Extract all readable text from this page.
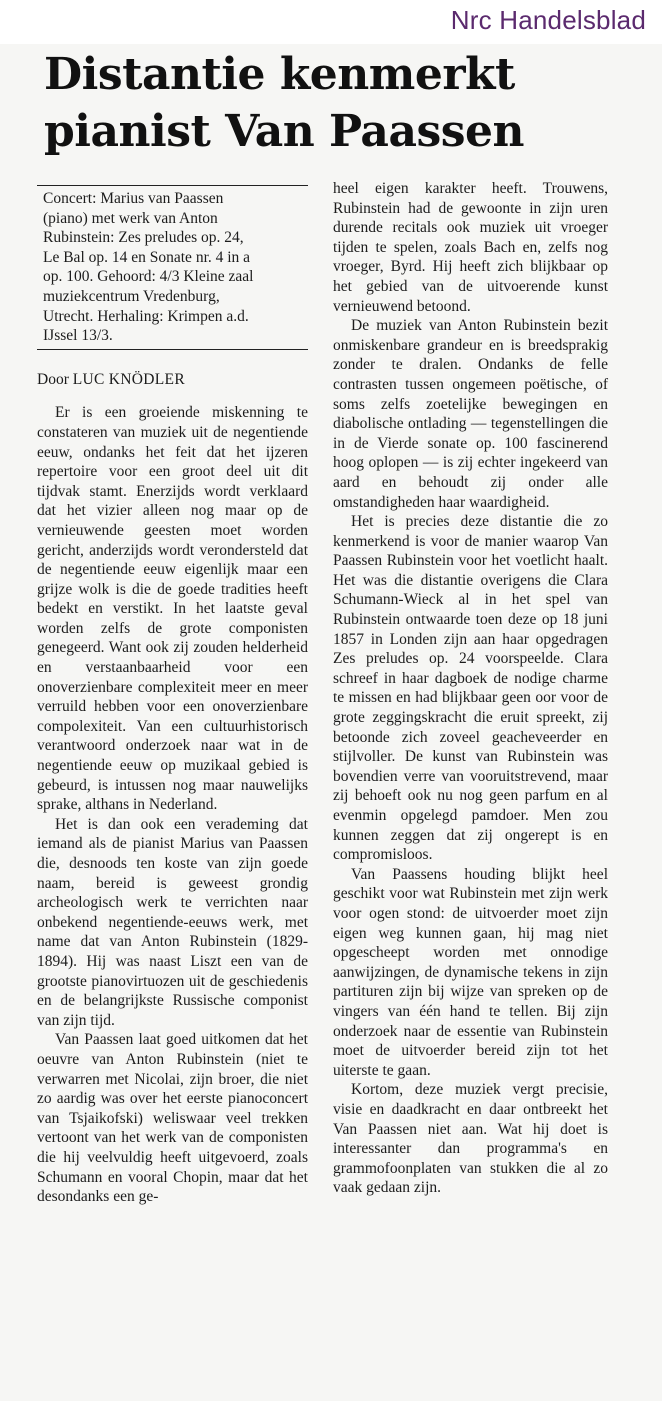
Nrc Handelsblad
Distantie kenmerkt
pianist Van Paassen

Concert: Marius van Paassen

(piano) met werk van Anton

Rubinstein: Zes preludes op. 24,

Le Bal op. 14 en Sonate nr. 4 in a

op. 100. Gehoord: 4/3 Kleine zaal

muziekcentrum Vredenburg,

Utrecht. Herhaling: Krimpen a.d.

IJssel 13/3.

Door LUC KNÖDLER

Er is een groeiende miskenning te constateren van muziek uit de negentiende eeuw, ondanks het feit dat het ijzeren repertoire voor een groot deel uit dit tijdvak stamt. Enerzijds wordt verklaard dat het vizier alleen nog maar op de vernieuwende geesten moet worden gericht, anderzijds wordt verondersteld dat de negentiende eeuw eigenlijk maar een grijze wolk is die de goede tradities heeft bedekt en verstikt. In het laatste geval worden zelfs de grote componisten genegeerd. Want ook zij zouden helderheid en verstaanbaarheid voor een onoverzienbare complexiteit meer en meer verruild hebben voor een onoverzienbare compolexiteit. Van een cultuurhistorisch verantwoord onderzoek naar wat in de negentiende eeuw op muzikaal gebied is gebeurd, is intussen nog maar nauwelijks sprake, althans in Nederland.

Het is dan ook een verademing dat iemand als de pianist Marius van Paassen die, desnoods ten koste van zijn goede naam, bereid is geweest grondig archeologisch werk te verrichten naar onbekend negentiende-eeuws werk, met name dat van Anton Rubinstein (1829-1894). Hij was naast Liszt een van de grootste pianovirtuozen uit de geschiedenis en de belangrijkste Russische componist van zijn tijd.

Van Paassen laat goed uitkomen dat het oeuvre van Anton Rubinstein (niet te verwarren met Nicolai, zijn broer, die niet zo aardig was over het eerste pianoconcert van Tsjaikofski) weliswaar veel trekken vertoont van het werk van de componisten die hij veelvuldig heeft uitgevoerd, zoals Schumann en vooral Chopin, maar dat het desondanks een ge-

heel eigen karakter heeft. Trouwens, Rubinstein had de gewoonte in zijn uren durende recitals ook muziek uit vroeger tijden te spelen, zoals Bach en, zelfs nog vroeger, Byrd. Hij heeft zich blijkbaar op het gebied van de uitvoerende kunst vernieuwend betoond.

De muziek van Anton Rubinstein bezit onmiskenbare grandeur en is breedsprakig zonder te dralen. Ondanks de felle contrasten tussen ongemeen poëtische, of soms zelfs zoetelijke bewegingen en diabolische ontlading — tegenstellingen die in de Vierde sonate op. 100 fascinerend hoog oplopen — is zij echter ingekeerd van aard en behoudt zij onder alle omstandigheden haar waardigheid.

Het is precies deze distantie die zo kenmerkend is voor de manier waarop Van Paassen Rubinstein voor het voetlicht haalt. Het was die distantie overigens die Clara Schumann-Wieck al in het spel van Rubinstein ontwaarde toen deze op 18 juni 1857 in Londen zijn aan haar opgedragen Zes preludes op. 24 voorspeelde. Clara schreef in haar dagboek de nodige charme te missen en had blijkbaar geen oor voor de grote zeggingskracht die eruit spreekt, zij betoonde zich zoveel geacheveerder en stijlvoller. De kunst van Rubinstein was bovendien verre van vooruitstrevend, maar zij behoeft ook nu nog geen parfum en al evenmin opgelegd pamdoer. Men zou kunnen zeggen dat zij ongerept is en compromisloos.

Van Paassens houding blijkt heel geschikt voor wat Rubinstein met zijn werk voor ogen stond: de uitvoerder moet zijn eigen weg kunnen gaan, hij mag niet opgescheept worden met onnodige aanwijzingen, de dynamische tekens in zijn partituren zijn bij wijze van spreken op de vingers van één hand te tellen. Bij zijn onderzoek naar de essentie van Rubinstein moet de uitvoerder bereid zijn tot het uiterste te gaan.

Kortom, deze muziek vergt precisie, visie en daadkracht en daar ontbreekt het Van Paassen niet aan. Wat hij doet is interessanter dan programma's en grammofoonplaten van stukken die al zo vaak gedaan zijn.
